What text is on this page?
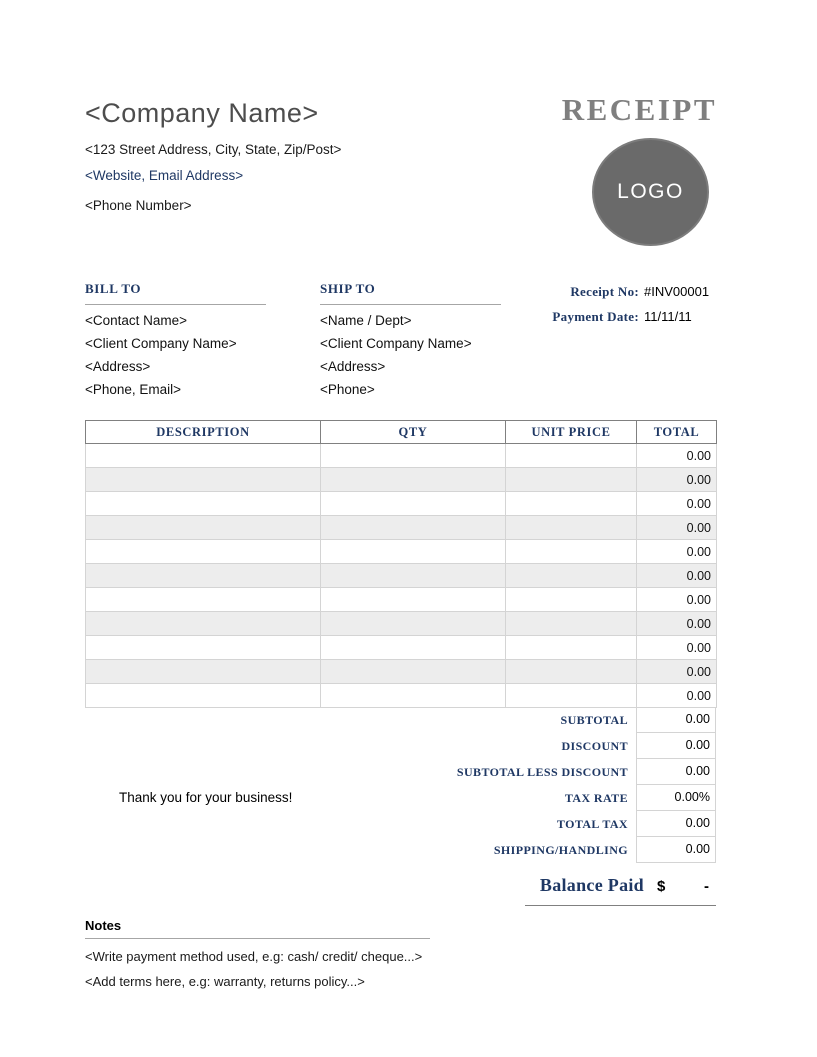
<Company Name>
<123 Street Address, City, State, Zip/Post>
<Website, Email Address>
<Phone Number>
RECEIPT
LOGO
BILL TO
<Contact Name>
<Client Company Name>
<Address>
<Phone, Email>
SHIP TO
<Name / Dept>
<Client Company Name>
<Address>
<Phone>
Receipt No: #INV00001
Payment Date: 11/11/11
DESCRIPTION	QTY	UNIT PRICE	TOTAL
			0.00
			0.00
			0.00
			0.00
			0.00
			0.00
			0.00
			0.00
			0.00
			0.00
			0.00
SUBTOTAL	0.00
DISCOUNT	0.00
SUBTOTAL LESS DISCOUNT	0.00
TAX RATE	0.00%
TOTAL TAX	0.00
SHIPPING/HANDLING	0.00
Balance Paid $	-
Thank you for your business!
Notes
<Write payment method used, e.g: cash/ credit/ cheque...>
<Add terms here, e.g: warranty, returns policy...>
